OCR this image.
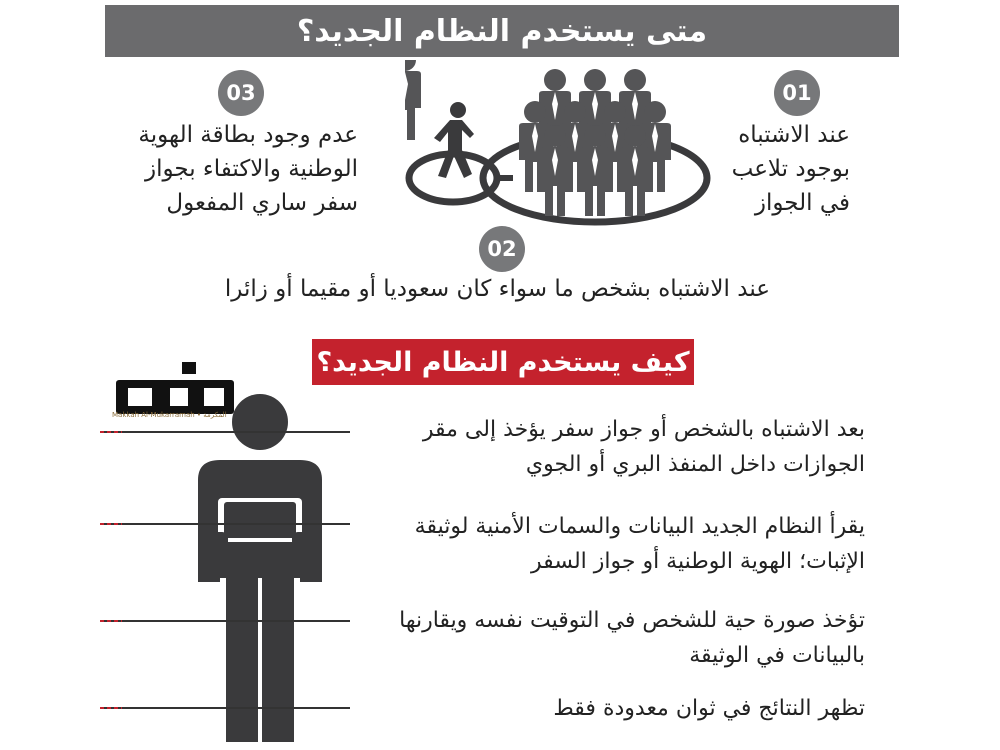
متى يستخدم النظام الجديد؟
01
عند الاشتباه
بوجود تلاعب
في الجواز
03
عدم وجود بطاقة الهوية
الوطنية والاكتفاء بجواز
سفر ساري المفعول
02
عند الاشتباه بشخص ما سواء كان سعوديا أو مقيما أو زائرا
كيف يستخدم النظام الجديد؟
Makkah Al-Mukarramah • المكرمة
بعد الاشتباه بالشخص أو جواز سفر يؤخذ إلى مقر
الجوازات داخل المنفذ البري أو الجوي
يقرأ النظام الجديد البيانات والسمات الأمنية لوثيقة
الإثبات؛ الهوية الوطنية أو جواز السفر
تؤخذ صورة حية للشخص في التوقيت نفسه ويقارنها
بالبيانات في الوثيقة
تظهر النتائج في ثوان معدودة فقط
